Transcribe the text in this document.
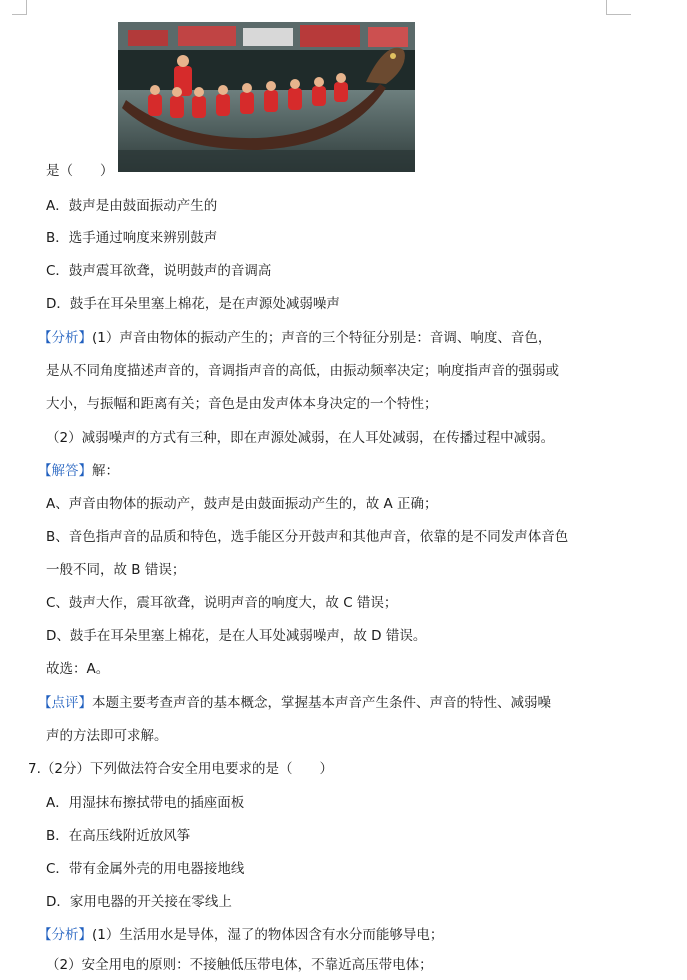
是（　　）
A．鼓声是由鼓面振动产生的
B．选手通过响度来辨别鼓声
C．鼓声震耳欲聋，说明鼓声的音调高
D．鼓手在耳朵里塞上棉花，是在声源处减弱噪声
【分析】(1）声音由物体的振动产生的；声音的三个特征分别是：音调、响度、音色，
是从不同角度描述声音的，音调指声音的高低，由振动频率决定；响度指声音的强弱或
大小，与振幅和距离有关；音色是由发声体本身决定的一个特性；
（2）减弱噪声的方式有三种，即在声源处减弱，在人耳处减弱，在传播过程中减弱。
【解答】解：
A、声音由物体的振动产，鼓声是由鼓面振动产生的，故 A 正确；
B、音色指声音的品质和特色，选手能区分开鼓声和其他声音，依靠的是不同发声体音色
一般不同，故 B 错误；
C、鼓声大作，震耳欲聋，说明声音的响度大，故 C 错误；
D、鼓手在耳朵里塞上棉花，是在人耳处减弱噪声，故 D 错误。
故选：A。
【点评】本题主要考查声音的基本概念，掌握基本声音产生条件、声音的特性、减弱噪
声的方法即可求解。
7.（2分）下列做法符合安全用电要求的是（　　）
A．用湿抹布擦拭带电的插座面板
B．在高压线附近放风筝
C．带有金属外壳的用电器接地线
D．家用电器的开关接在零线上
【分析】(1）生活用水是导体，湿了的物体因含有水分而能够导电；
（2）安全用电的原则：不接触低压带电体，不靠近高压带电体；
